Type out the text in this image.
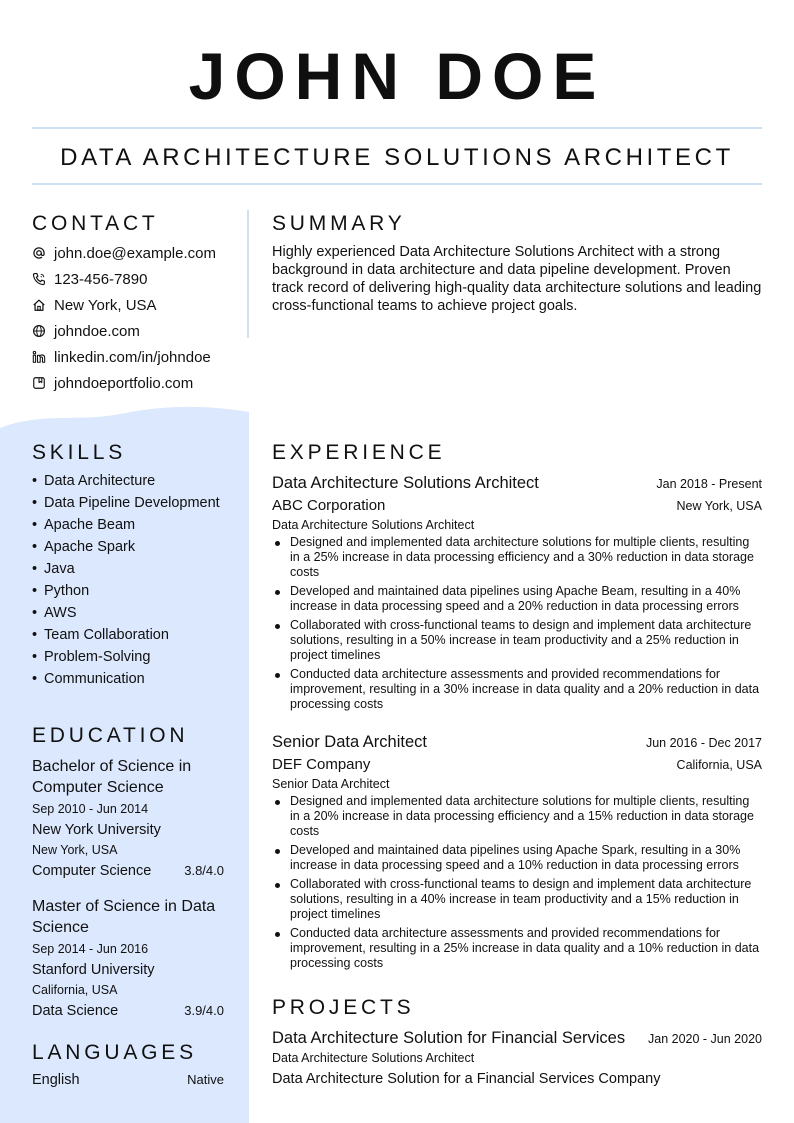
JOHN DOE
DATA ARCHITECTURE SOLUTIONS ARCHITECT
CONTACT
john.doe@example.com
123-456-7890
New York, USA
johndoe.com
linkedin.com/in/johndoe
johndoeportfolio.com
SUMMARY

Highly experienced Data Architecture Solutions Architect with a strong background in data architecture and data pipeline development. Proven track record of delivering high-quality data architecture solutions and leading cross-functional teams to achieve project goals.

SKILLS
• Data Architecture
• Data Pipeline Development
• Apache Beam
• Apache Spark
• Java
• Python
• AWS
• Team Collaboration
• Problem-Solving
• Communication
EDUCATION
Bachelor of Science in Computer Science
Sep 2010 - Jun 2014
New York University
New York, USA
Computer Science	3.8/4.0
Master of Science in Data Science
Sep 2014 - Jun 2016
Stanford University
California, USA
Data Science	3.9/4.0
LANGUAGES
English	Native
EXPERIENCE
Data Architecture Solutions Architect	Jan 2018 - Present
ABC Corporation	New York, USA
Data Architecture Solutions Architect
Designed and implemented data architecture solutions for multiple clients, resulting in a 25% increase in data processing efficiency and a 30% reduction in data storage costs
Developed and maintained data pipelines using Apache Beam, resulting in a 40% increase in data processing speed and a 20% reduction in data processing errors
Collaborated with cross-functional teams to design and implement data architecture solutions, resulting in a 50% increase in team productivity and a 25% reduction in project timelines
Conducted data architecture assessments and provided recommendations for improvement, resulting in a 30% increase in data quality and a 20% reduction in data processing costs
Senior Data Architect	Jun 2016 - Dec 2017
DEF Company	California, USA
Senior Data Architect
Designed and implemented data architecture solutions for multiple clients, resulting in a 20% increase in data processing efficiency and a 15% reduction in data storage costs
Developed and maintained data pipelines using Apache Spark, resulting in a 30% increase in data processing speed and a 10% reduction in data processing errors
Collaborated with cross-functional teams to design and implement data architecture solutions, resulting in a 40% increase in team productivity and a 15% reduction in project timelines
Conducted data architecture assessments and provided recommendations for improvement, resulting in a 25% increase in data quality and a 10% reduction in data processing costs
PROJECTS
Data Architecture Solution for Financial Services Jan 2020 - Jun 2020
Data Architecture Solutions Architect
Data Architecture Solution for a Financial Services Company
